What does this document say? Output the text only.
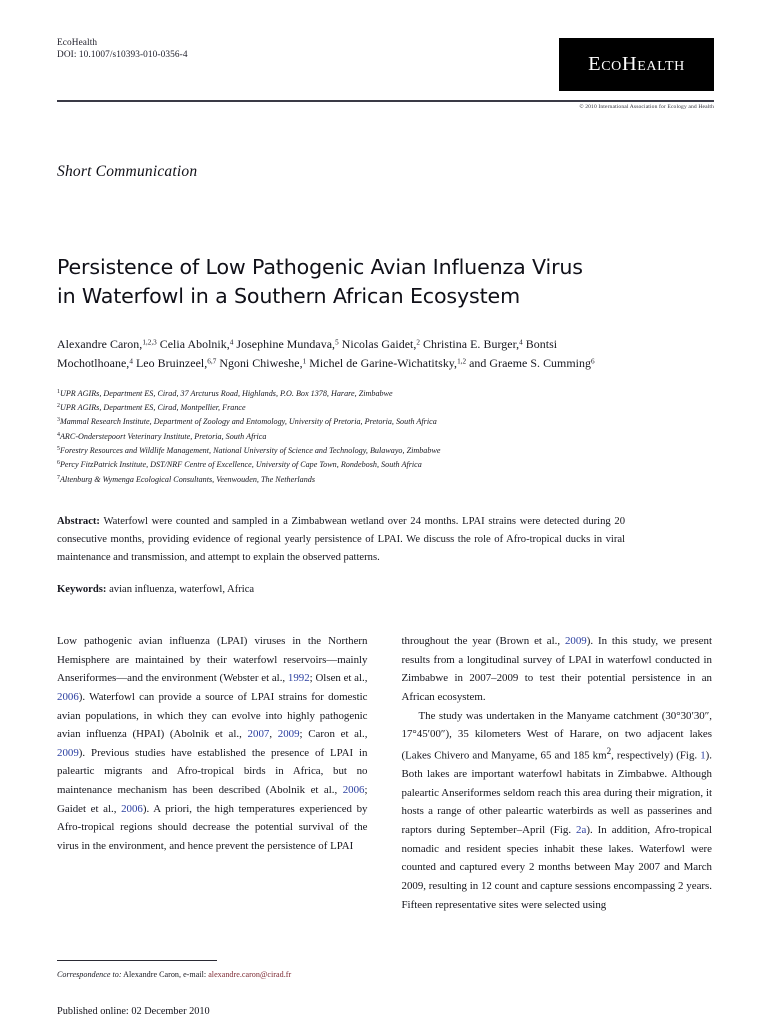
EcoHealth
DOI: 10.1007/s10393-010-0356-4	EcoHealth
© 2010 International Association for Ecology and Health
Short Communication
Persistence of Low Pathogenic Avian Influenza Virus
in Waterfowl in a Southern African Ecosystem
Alexandre Caron,$^{1,2,3}$ Celia Abolnik,$^4$ Josephine Mundava,$^5$ Nicolas Gaidet,$^2$ Christina E. Burger,$^4$ Bontsi Mochotlhoane,$^4$ Leo Bruinzeel,$^{6,7}$ Ngoni Chiweshe,$^1$ Michel de Garine-Wichatitsky,$^{1,2}$ and Graeme S. Cumming$^6$
$^1$UPR AGIRs, Department ES, Cirad, 37 Arcturus Road, Highlands, P.O. Box 1378, Harare, Zimbabwe
$^2$UPR AGIRs, Department ES, Cirad, Montpellier, France
$^3$Mammal Research Institute, Department of Zoology and Entomology, University of Pretoria, Pretoria, South Africa
$^4$ARC-Onderstepoort Veterinary Institute, Pretoria, South Africa
$^5$Forestry Resources and Wildlife Management, National University of Science and Technology, Bulawayo, Zimbabwe
$^6$Percy FitzPatrick Institute, DST/NRF Centre of Excellence, University of Cape Town, Rondebosh, South Africa
$^7$Altenburg & Wymenga Ecological Consultants, Veenwouden, The Netherlands
Abstract: Waterfowl were counted and sampled in a Zimbabwean wetland over 24 months. LPAI strains were detected during 20 consecutive months, providing evidence of regional yearly persistence of LPAI. We discuss the role of Afro-tropical ducks in viral maintenance and transmission, and attempt to explain the observed patterns.
Keywords: avian influenza, waterfowl, Africa

Low pathogenic avian influenza (LPAI) viruses in the Northern Hemisphere are maintained by their waterfowl reservoirs—mainly Anseriformes—and the environment (Webster et al., 1992; Olsen et al., 2006). Waterfowl can provide a source of LPAI strains for domestic avian populations, in which they can evolve into highly pathogenic avian influenza (HPAI) (Abolnik et al., 2007, 2009; Caron et al., 2009). Previous studies have established the presence of LPAI in paleartic migrants and Afro-tropical birds in Africa, but no maintenance mechanism has been described (Abolnik et al., 2006; Gaidet et al., 2006). A priori, the high temperatures experienced by Afro-tropical regions should decrease the potential survival of the virus in the environment, and hence prevent the persistence of LPAI

throughout the year (Brown et al., 2009). In this study, we present results from a longitudinal survey of LPAI in waterfowl conducted in Zimbabwe in 2007–2009 to test their potential persistence in an African ecosystem.

The study was undertaken in the Manyame catchment (30°30′30″, 17°45′00″), 35 kilometers West of Harare, on two adjacent lakes (Lakes Chivero and Manyame, 65 and 185 $km^2$, respectively) (Fig. 1). Both lakes are important waterfowl habitats in Zimbabwe. Although paleartic Anseriformes seldom reach this area during their migration, it hosts a range of other paleartic waterbirds as well as passerines and raptors during September–April (Fig. 2a). In addition, Afro-tropical nomadic and resident species inhabit these lakes. Waterfowl were counted and captured every 2 months between May 2007 and March 2009, resulting in 12 count and capture sessions encompassing 2 years. Fifteen representative sites were selected using

Correspondence to: Alexandre Caron, e-mail: alexandre.caron@cirad.fr
Published online: 02 December 2010
